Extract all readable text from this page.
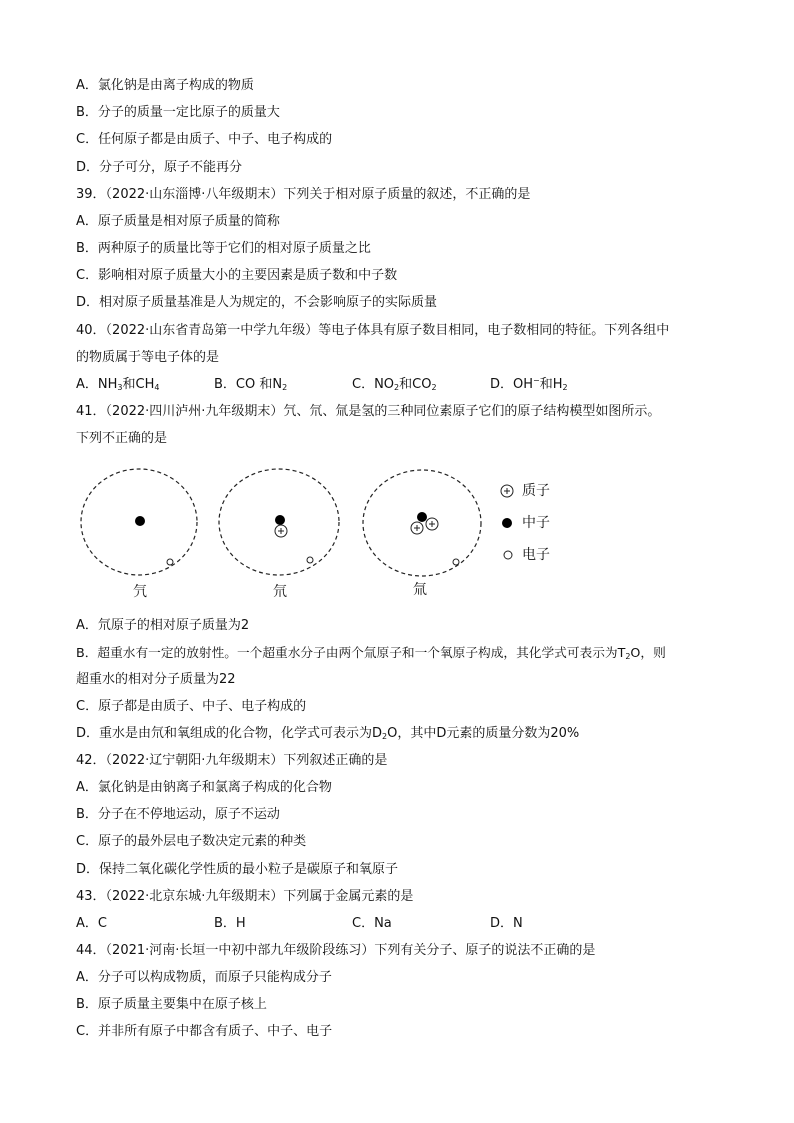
A．氯化钠是由离子构成的物质
B．分子的质量一定比原子的质量大
C．任何原子都是由质子、中子、电子构成的
D．分子可分，原子不能再分
39．（2022·山东淄博·八年级期末）下列关于相对原子质量的叙述，不正确的是
A．原子质量是相对原子质量的简称
B．两种原子的质量比等于它们的相对原子质量之比
C．影响相对原子质量大小的主要因素是质子数和中子数
D．相对原子质量基准是人为规定的，不会影响原子的实际质量
40．（2022·山东省青岛第一中学九年级）等电子体具有原子数目相同，电子数相同的特征。下列各组中
的物质属于等电子体的是
A．$NH_3$和$CH_4$	B．CO 和$N_2$	C．$NO_2$和$CO_2$	D．OH−和$H_2$
41．（2022·四川泸州·九年级期末）氕、氘、氚是氢的三种同位素原子它们的原子结构模型如图所示。
下列不正确的是
氕	氘	氚
质子
中子
电子
A．氘原子的相对原子质量为2
B．超重水有一定的放射性。一个超重水分子由两个氚原子和一个氧原子构成，其化学式可表示为$T_2O$，则
超重水的相对分子质量为22
C．原子都是由质子、中子、电子构成的
D．重水是由氘和氧组成的化合物，化学式可表示为$D_2O$，其中D元素的质量分数为20%
42．（2022·辽宁朝阳·九年级期末）下列叙述正确的是
A．氯化钠是由钠离子和氯离子构成的化合物
B．分子在不停地运动，原子不运动
C．原子的最外层电子数决定元素的种类
D．保持二氧化碳化学性质的最小粒子是碳原子和氧原子
43．（2022·北京东城·九年级期末）下列属于金属元素的是
A．C	B．H	C．Na	D．N
44．（2021·河南·长垣一中初中部九年级阶段练习）下列有关分子、原子的说法不正确的是
A．分子可以构成物质，而原子只能构成分子
B．原子质量主要集中在原子核上
C．并非所有原子中都含有质子、中子、电子
